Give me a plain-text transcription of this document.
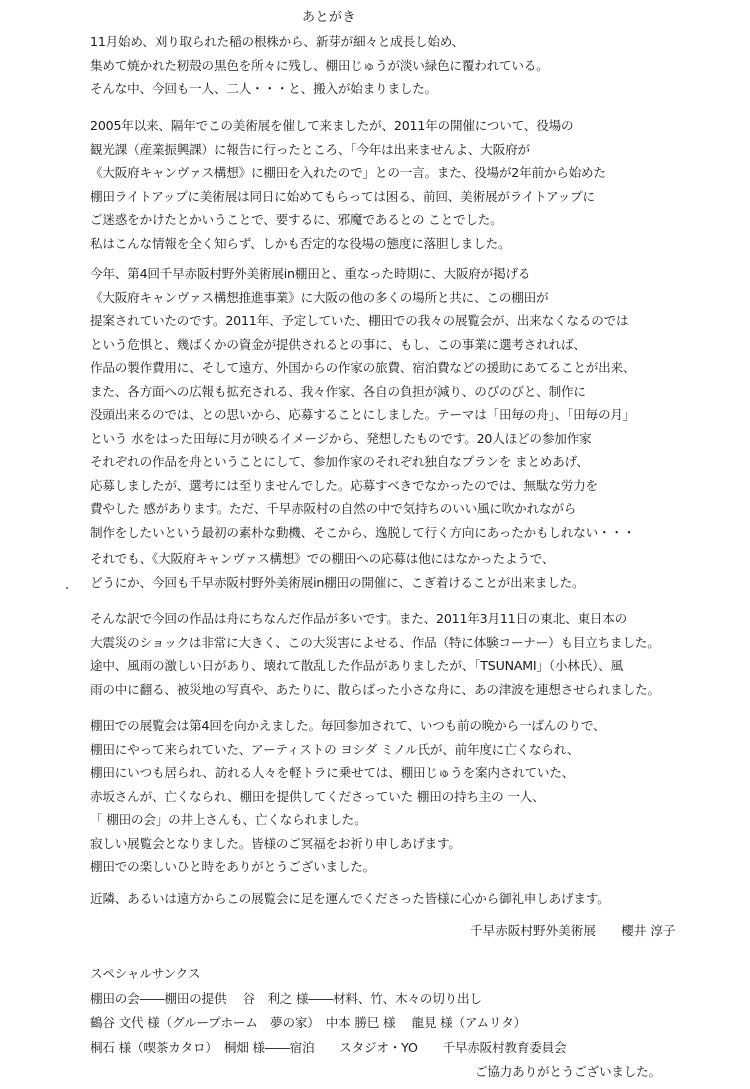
あとがき
11月始め、刈り取られた稲の根株から、新芽が細々と成長し始め、
集めて焼かれた籾殻の黒色を所々に残し、棚田じゅうが淡い緑色に覆われている。
そんな中、今回も一人、二人・・・と、搬入が始まりました。
2005年以来、隔年でこの美術展を催して来ましたが、2011年の開催について、役場の
観光課（産業振興課）に報告に行ったところ、「今年は出来ませんよ、大阪府が
《大阪府キャンヴァス構想》に棚田を入れたので」との一言。また、役場が2年前から始めた
棚田ライトアップに美術展は同日に始めてもらっては困る、前回、美術展がライトアップに
ご迷惑をかけたとかいうことで、要するに、邪魔であるとの ことでした。
私はこんな情報を全く知らず、しかも否定的な役場の態度に落胆しました。
今年、第4回千早赤阪村野外美術展in棚田と、重なった時期に、大阪府が掲げる
《大阪府キャンヴァス構想推進事業》に大阪の他の多くの場所と共に、この棚田が
提案されていたのです。2011年、予定していた、棚田での我々の展覧会が、出来なくなるのでは
という危惧と、幾ばくかの資金が提供されるとの事に、もし、この事業に選考されれば、
作品の製作費用に、そして遠方、外国からの作家の旅費、宿泊費などの援助にあてることが出来、
また、各方面への広報も拡充される、我々作家、各自の負担が減り、のびのびと、制作に
没頭出来るのでは、との思いから、応募することにしました。テーマは「田毎の舟」、「田毎の月」
という 水をはった田毎に月が映るイメージから、発想したものです。20人ほどの参加作家
それぞれの作品を舟ということにして、参加作家のそれぞれ独自なプランを まとめあげ、
応募しましたが、選考には至りませんでした。応募すべきでなかったのでは、無駄な労力を
費やした 感があります。ただ、千早赤阪村の自然の中で気持ちのいい風に吹かれながら
制作をしたいという最初の素朴な動機、そこから、逸脱して行く方向にあったかもしれない・・・
それでも、《大阪府キャンヴァス構想》での棚田への応募は他にはなかったようで、
どうにか、今回も千早赤阪村野外美術展in棚田の開催に、こぎ着けることが出来ました。
そんな訳で今回の作品は舟にちなんだ作品が多いです。また、2011年3月11日の東北、東日本の
大震災のショックは非常に大きく、この大災害によせる、作品（特に体験コーナー）も目立ちました。
途中、風雨の激しい日があり、壊れて散乱した作品がありましたが、「TSUNAMI」（小林氏）、風
雨の中に翻る、被災地の写真や、あたりに、散らばった小さな舟に、あの津波を連想させられました。
棚田での展覧会は第4回を向かえました。毎回参加されて、いつも前の晩から一ばんのりで、
棚田にやって来られていた、アーティストの ヨシダ ミノル氏が、前年度に亡くなられ、
棚田にいつも居られ、訪れる人々を軽トラに乗せては、棚田じゅうを案内されていた、
赤坂さんが、亡くなられ、棚田を提供してくださっていた 棚田の持ち主の 一人、
「 棚田の会」の井上さんも、亡くなられました。
寂しい展覧会となりました。皆様のご冥福をお祈り申しあげます。
棚田での楽しいひと時をありがとうございました。
近隣、あるいは遠方からこの展覧会に足を運んでくださった皆様に心から御礼申しあげます。
千早赤阪村野外美術展　　櫻井 淳子
スペシャルサンクス
棚田の会――棚田の提供　 谷　利之 様――材料、竹、木々の切り出し
鶴谷 文代 様（グループホーム　夢の家）　中本 勝巳 様　 龍見 様（アムリタ）
桐石 様（喫茶カタロ）　桐畑 様――宿泊　　スタジオ・YO　　千早赤阪村教育委員会
ご協力ありがとうございました。
